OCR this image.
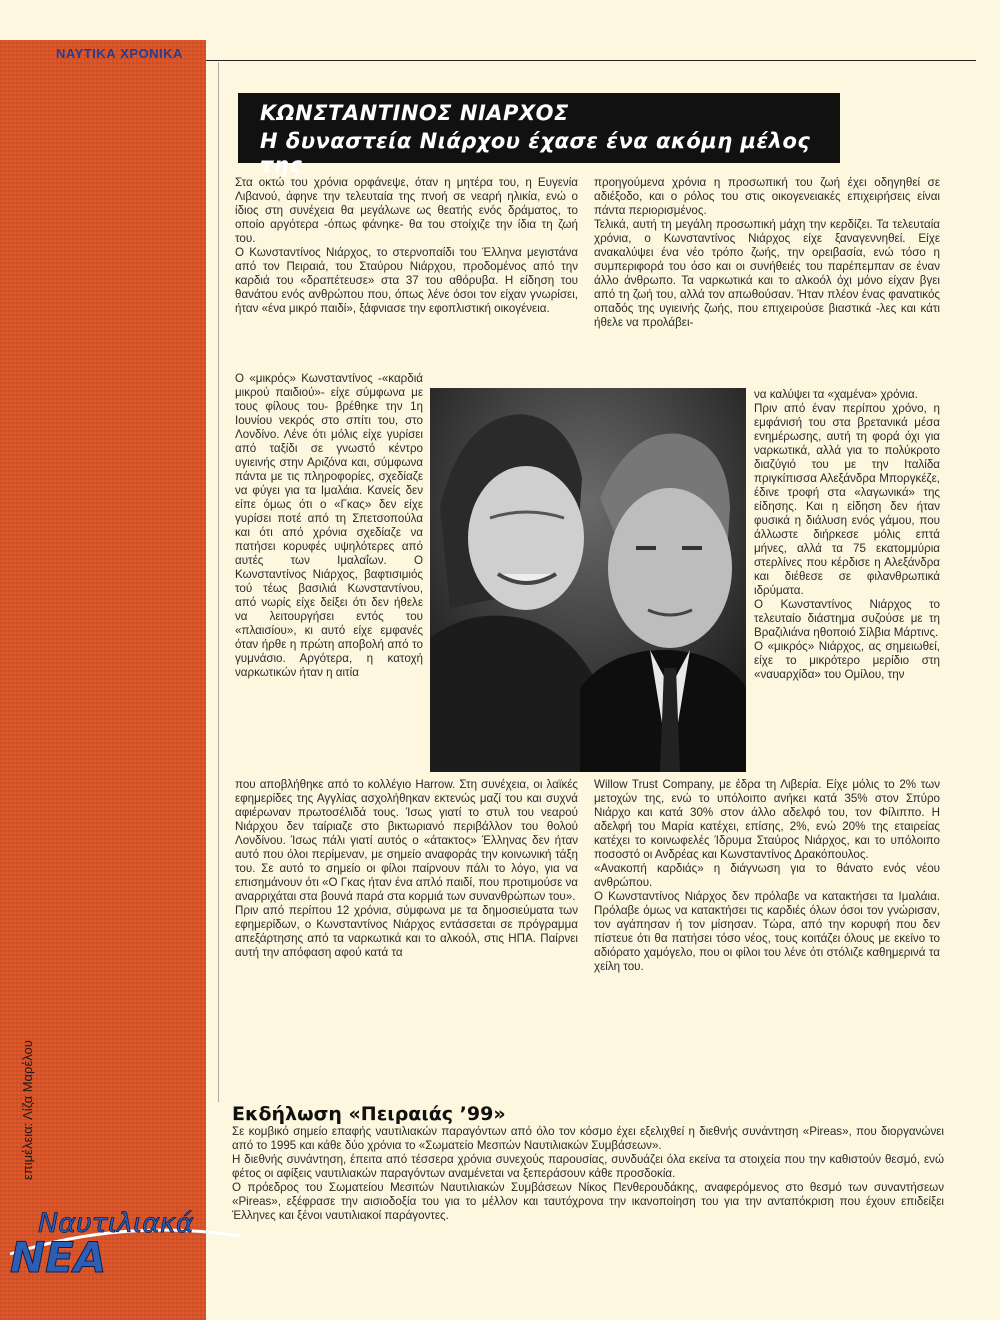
ΝΑΥΤΙΚΑ ΧΡΟΝΙΚΑ
επιμέλεια: Λίζα Μαρέλου
Ναυτιλιακά
ΝΕΑ
ΚΩΝΣΤΑΝΤΙΝΟΣ ΝΙΑΡΧΟΣ
Η δυναστεία Νιάρχου έχασε ένα ακόμη μέλος της

Στα οκτώ του χρόνια ορφάνεψε, όταν η μητέρα του, η Ευγενία Λιβανού, άφηνε την τελευταία της πνοή σε νεαρή ηλικία, ενώ ο ίδιος στη συνέχεια θα μεγάλωνε ως θεατής ενός δράματος, το οποίο αργότερα -όπως φάνηκε- θα του στοίχιζε την ίδια τη ζωή του.

Ο Κωνσταντίνος Νιάρχος, το στερνοπαίδι του Έλληνα μεγιστάνα από τον Πειραιά, του Σταύρου Νιάρχου, προδομένος από την καρδιά του «δραπέτευσε» στα 37 του αθόρυβα. Η είδηση του θανάτου ενός ανθρώπου που, όπως λένε όσοι τον είχαν γνωρίσει, ήταν «ένα μικρό παιδί», ξάφνιασε την εφοπλιστική οικογένεια.

Ο «μικρός» Κωνσταντίνος -«καρδιά μικρού παιδιού»- είχε σύμφωνα με τους φίλους του- βρέθηκε την 1η Ιουνίου νεκρός στο σπίτι του, στο Λονδίνο. Λένε ότι μόλις είχε γυρίσει από ταξίδι σε γνωστό κέντρο υγιεινής στην Αριζόνα και, σύμφωνα πάντα με τις πληροφορίες, σχεδίαζε να φύγει για τα Ιμαλάια. Κανείς δεν είπε όμως ότι ο «Γκας» δεν είχε γυρίσει ποτέ από τη Σπετσοπούλα και ότι από χρόνια σχεδίαζε να πατήσει κορυφές υψηλότερες από αυτές των Ιμαλαΐων. Ο Κωνσταντίνος Νιάρχος, βαφτισιμιός τού τέως βασιλιά Κωνσταντίνου, από νωρίς είχε δείξει ότι δεν ήθελε να λειτουργήσει εντός του «πλαισίου», κι αυτό είχε εμφανές όταν ήρθε η πρώτη αποβολή από το γυμνάσιο. Αργότερα, η κατοχή ναρκωτικών ήταν η αιτία

που αποβλήθηκε από το κολλέγιο Harrow. Στη συνέχεια, οι λαϊκές εφημερίδες της Αγγλίας ασχολήθηκαν εκτενώς μαζί του και συχνά αφιέρωναν πρωτοσέλιδά τους. Ίσως γιατί το στυλ του νεαρού Νιάρχου δεν ταίριαζε στο βικτωριανό περιβάλλον του θολού Λονδίνου. Ίσως πάλι γιατί αυτός ο «άτακτος» Έλληνας δεν ήταν αυτό που όλοι περίμεναν, με σημείο αναφοράς την κοινωνική τάξη του. Σε αυτό το σημείο οι φίλοι παίρνουν πάλι το λόγο, για να επισημάνουν ότι «Ο Γκας ήταν ένα απλό παιδί, που προτιμούσε να αναρριχάται στα βουνά παρά στα κορμιά των συνανθρώπων του».

Πριν από περίπου 12 χρόνια, σύμφωνα με τα δημοσιεύματα των εφημερίδων, ο Κωνσταντίνος Νιάρχος εντάσσεται σε πρόγραμμα απεξάρτησης από τα ναρκωτικά και το αλκοόλ, στις ΗΠΑ. Παίρνει αυτή την απόφαση αφού κατά τα

προηγούμενα χρόνια η προσωπική του ζωή έχει οδηγηθεί σε αδιέξοδο, και ο ρόλος του στις οικογενειακές επιχειρήσεις είναι πάντα περιορισμένος.

Τελικά, αυτή τη μεγάλη προσωπική μάχη την κερδίζει. Τα τελευταία χρόνια, ο Κωνσταντίνος Νιάρχος είχε ξαναγεννηθεί. Είχε ανακαλύψει ένα νέο τρόπο ζωής, την ορειβασία, ενώ τόσο η συμπεριφορά του όσο και οι συνήθειές του παρέπεμπαν σε έναν άλλο άνθρωπο. Τα ναρκωτικά και το αλκοόλ όχι μόνο είχαν βγει από τη ζωή του, αλλά τον απωθούσαν. Ήταν πλέον ένας φανατικός οπαδός της υγιεινής ζωής, που επιχειρούσε βιαστικά -λες και κάτι ήθελε να προλάβει-

να καλύψει τα «χαμένα» χρόνια.

Πριν από έναν περίπου χρόνο, η εμφάνισή του στα βρετανικά μέσα ενημέρωσης, αυτή τη φορά όχι για ναρκωτικά, αλλά για το πολύκροτο διαζύγιό του με την Ιταλίδα πριγκίπισσα Αλεξάνδρα Μποργκέζε, έδινε τροφή στα «λαγωνικά» της είδησης. Και η είδηση δεν ήταν φυσικά η διάλυση ενός γάμου, που άλλωστε διήρκεσε μόλις επτά μήνες, αλλά τα 75 εκατομμύρια στερλίνες που κέρδισε η Αλεξάνδρα και διέθεσε σε φιλανθρωπικά ιδρύματα.

Ο Κωνσταντίνος Νιάρχος το τελευταίο διάστημα συζούσε με τη Βραζιλιάνα ηθοποιό Σίλβια Μάρτινς.

Ο «μικρός» Νιάρχος, ας σημειωθεί, είχε το μικρότερο μερίδιο στη «ναυαρχίδα» του Ομίλου, την

Willow Trust Company, με έδρα τη Λιβερία. Είχε μόλις το 2% των μετοχών της, ενώ το υπόλοιπο ανήκει κατά 35% στον Σπύρο Νιάρχο και κατά 30% στον άλλο αδελφό του, τον Φίλιππο. Η αδελφή του Μαρία κατέχει, επίσης, 2%, ενώ 20% της εταιρείας κατέχει το κοινωφελές Ίδρυμα Σταύρος Νιάρχος, και το υπόλοιπο ποσοστό οι Ανδρέας και Κωνσταντίνος Δρακόπουλος.

«Ανακοπή καρδιάς» η διάγνωση για το θάνατο ενός νέου ανθρώπου.

Ο Κωνσταντίνος Νιάρχος δεν πρόλαβε να κατακτήσει τα Ιμαλάια. Πρόλαβε όμως να κατακτήσει τις καρδιές όλων όσοι τον γνώρισαν, τον αγάπησαν ή τον μίσησαν. Τώρα, από την κορυφή που δεν πίστευε ότι θα πατήσει τόσο νέος, τους κοιτάζει όλους με εκείνο το αδιόρατο χαμόγελο, που οι φίλοι του λένε ότι στόλιζε καθημερινά τα χείλη του.

Εκδήλωση «Πειραιάς ’99»

Σε κομβικό σημείο επαφής ναυτιλιακών παραγόντων από όλο τον κόσμο έχει εξελιχθεί η διεθνής συνάντηση «Pireas», που διοργανώνει από το 1995 και κάθε δύο χρόνια το «Σωματείο Μεσιτών Ναυτιλιακών Συμβάσεων».

Η διεθνής συνάντηση, έπειτα από τέσσερα χρόνια συνεχούς παρουσίας, συνδυάζει όλα εκείνα τα στοιχεία που την καθιστούν θεσμό, ενώ φέτος οι αφίξεις ναυτιλιακών παραγόντων αναμένεται να ξεπεράσουν κάθε προσδοκία.

Ο πρόεδρος του Σωματείου Μεσιτών Ναυτιλιακών Συμβάσεων Νίκος Πενθερουδάκης, αναφερόμενος στο θεσμό των συναντήσεων «Pireas», εξέφρασε την αισιοδοξία του για το μέλλον και ταυτόχρονα την ικανοποίηση του για την ανταπόκριση που έχουν επιδείξει Έλληνες και ξένοι ναυτιλιακοί παράγοντες.
